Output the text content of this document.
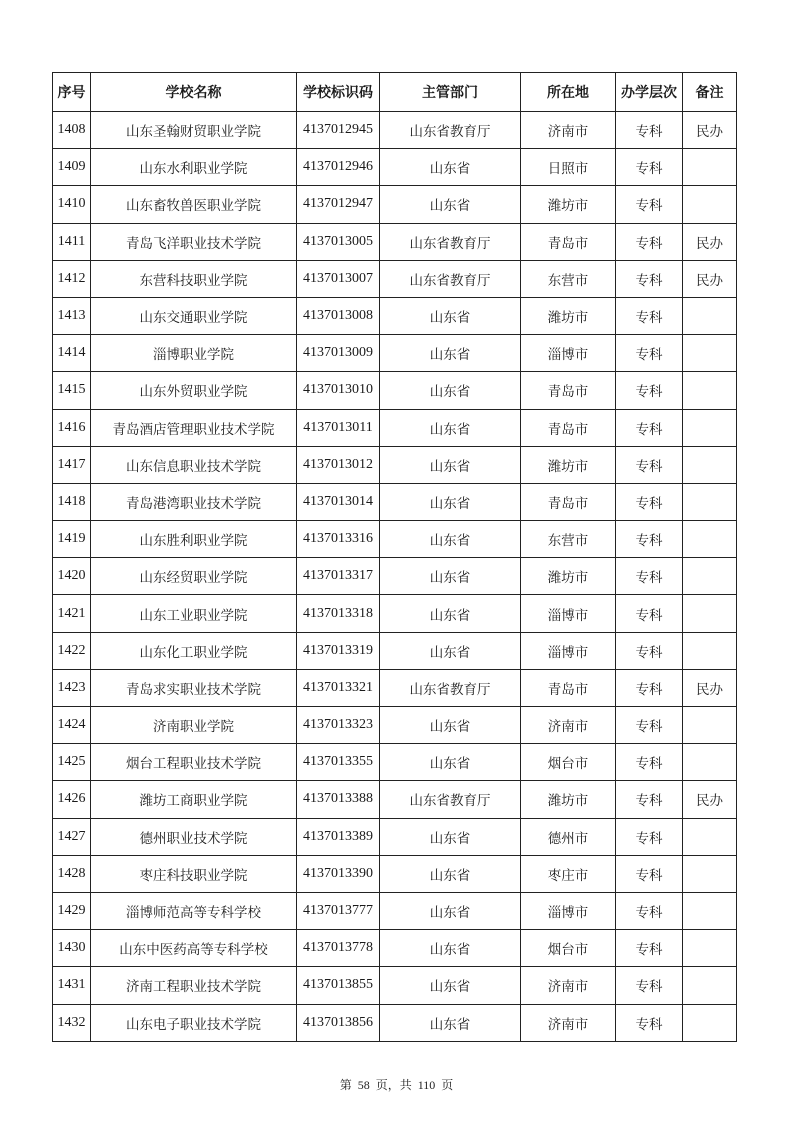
序号	学校名称	学校标识码	主管部门	所在地	办学层次	备注
1408	山东圣翰财贸职业学院	4137012945	山东省教育厅	济南市	专科	民办
1409	山东水利职业学院	4137012946	山东省	日照市	专科	
1410	山东畜牧兽医职业学院	4137012947	山东省	潍坊市	专科	
1411	青岛飞洋职业技术学院	4137013005	山东省教育厅	青岛市	专科	民办
1412	东营科技职业学院	4137013007	山东省教育厅	东营市	专科	民办
1413	山东交通职业学院	4137013008	山东省	潍坊市	专科	
1414	淄博职业学院	4137013009	山东省	淄博市	专科	
1415	山东外贸职业学院	4137013010	山东省	青岛市	专科	
1416	青岛酒店管理职业技术学院	4137013011	山东省	青岛市	专科	
1417	山东信息职业技术学院	4137013012	山东省	潍坊市	专科	
1418	青岛港湾职业技术学院	4137013014	山东省	青岛市	专科	
1419	山东胜利职业学院	4137013316	山东省	东营市	专科	
1420	山东经贸职业学院	4137013317	山东省	潍坊市	专科	
1421	山东工业职业学院	4137013318	山东省	淄博市	专科	
1422	山东化工职业学院	4137013319	山东省	淄博市	专科	
1423	青岛求实职业技术学院	4137013321	山东省教育厅	青岛市	专科	民办
1424	济南职业学院	4137013323	山东省	济南市	专科	
1425	烟台工程职业技术学院	4137013355	山东省	烟台市	专科	
1426	潍坊工商职业学院	4137013388	山东省教育厅	潍坊市	专科	民办
1427	德州职业技术学院	4137013389	山东省	德州市	专科	
1428	枣庄科技职业学院	4137013390	山东省	枣庄市	专科	
1429	淄博师范高等专科学校	4137013777	山东省	淄博市	专科	
1430	山东中医药高等专科学校	4137013778	山东省	烟台市	专科	
1431	济南工程职业技术学院	4137013855	山东省	济南市	专科	
1432	山东电子职业技术学院	4137013856	山东省	济南市	专科	
第 58 页，共 110 页
